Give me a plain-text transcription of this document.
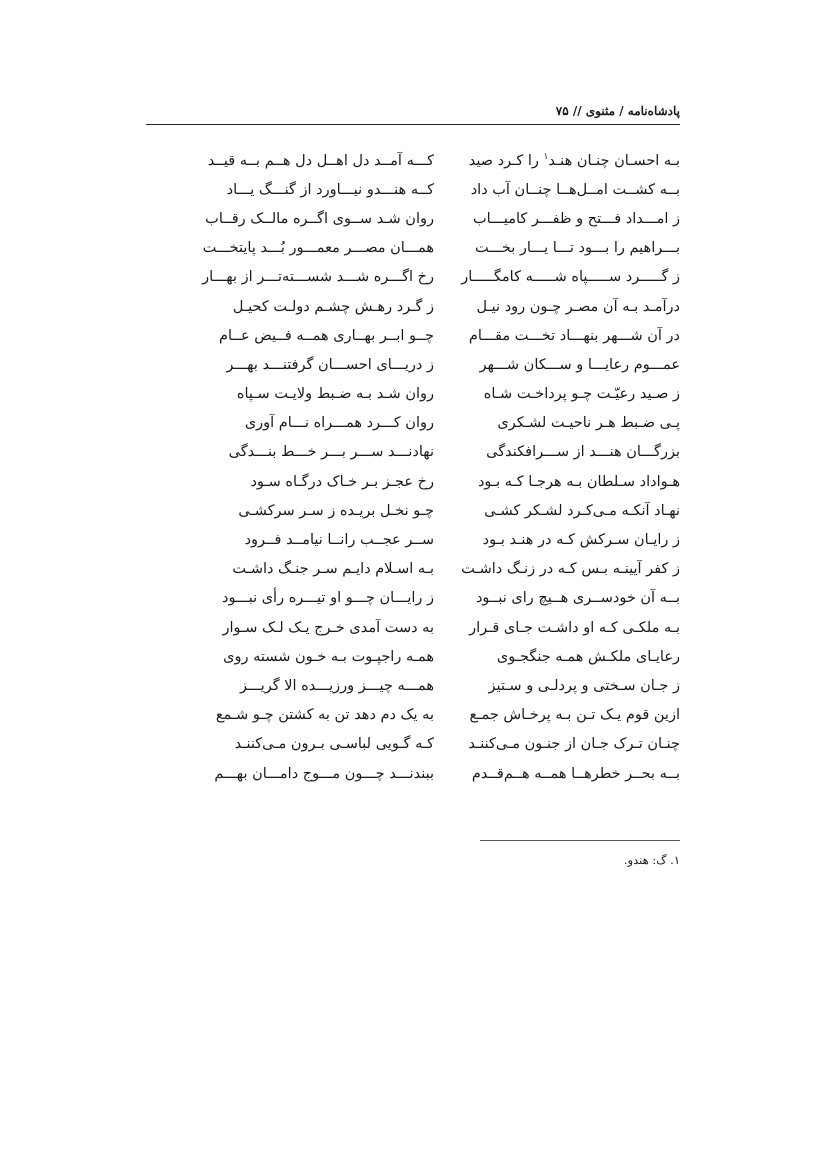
پادشاه‌نامه / مثنوی // ۷۵
بـه احسـان چنـان هنـد$^۱$ را کـرد صید
کـــه آمــد دل اهــل دل هــم بــه قیــد
بــه کشــت امــل‌هــا چنــان آب داد
کــه هنـــدو نیـــاورد از گنـــگ یـــاد
ز امـــداد فـــتح و ظفـــر کامیـــاب
روان شـد ســوی اگــره مالــک رقــاب
بـــراهیم را بـــود تـــا یـــار بخـــت
همـــان مصـــر معمـــور بُـــد پایتخـــت
ز گـــــرد ســـــپاه شـــــه کامگـــــار
رخ اگـــره شـــد شســـته‌تـــر از بهـــار
درآمـد بـه آن مصـر چـون رود نیـل
ز گـرد رهـش چشـم دولـت کحیـل
در آن شـــهر بنهـــاد تخـــت مقـــام
چــو ابــر بهــاری همــه فــیض عــام
عمـــوم رعایـــا و ســـکان شـــهر
ز دریـــای احســـان گرفتنـــد بهـــر
ز صـید رعیّـت چـو پرداخـت شـاه
روان شـد بـه ضـبط ولایـت سـپاه
پـی ضـبط هـر ناحیـت لشـکری
روان کـــرد همـــراه نـــام آوری
بزرگـــان هنـــد از ســـرافکندگی
نهادنـــد ســـر بـــر خـــط بنـــدگی
هـواداد سـلطان بـه هرجـا کـه بـود
رخ عجـز بـر خـاک درگـاه سـود
نهـاد آنکـه مـی‌کـرد لشـکر کشـی
چـو نخـل بریـده ز سـر سرکشـی
ز رایـان سـرکش کـه در هنـد بـود
ســر عجــب رانــا نیامــد فــرود
ز کفر آیینـه بـس کـه در زنـگ داشـت
بـه اسـلام دایـم سـر جنـگ داشـت
بــه آن خودســری هــیچ رای نبــود
ز رایـــان چـــو او تیـــره رأی نبـــود
بـه ملکـی کـه او داشـت جـای قـرار
به دست آمدی خـرج یـک لـک سـوار
رعایـای ملکـش همـه جنگجـوی
همـه راجپـوت بـه خـون شسته روی
ز جـان سـختی و پردلـی و سـتیز
همـــه چیـــز ورزیـــده الا گریـــز
ازین قوم یـک تـن بـه پرخـاش جمـع
به یک دم دهد تن به کشتن چـو شـمع
چنـان تـرک جـان از جنـون مـی‌کننـد
کـه گـویی لباسـی بـرون مـی‌کننـد
بــه بحــر خطرهــا همــه هــم‌قــدم
ببندنـــد چـــون مـــوج دامـــان بهـــم
۱. گ: هندو.
